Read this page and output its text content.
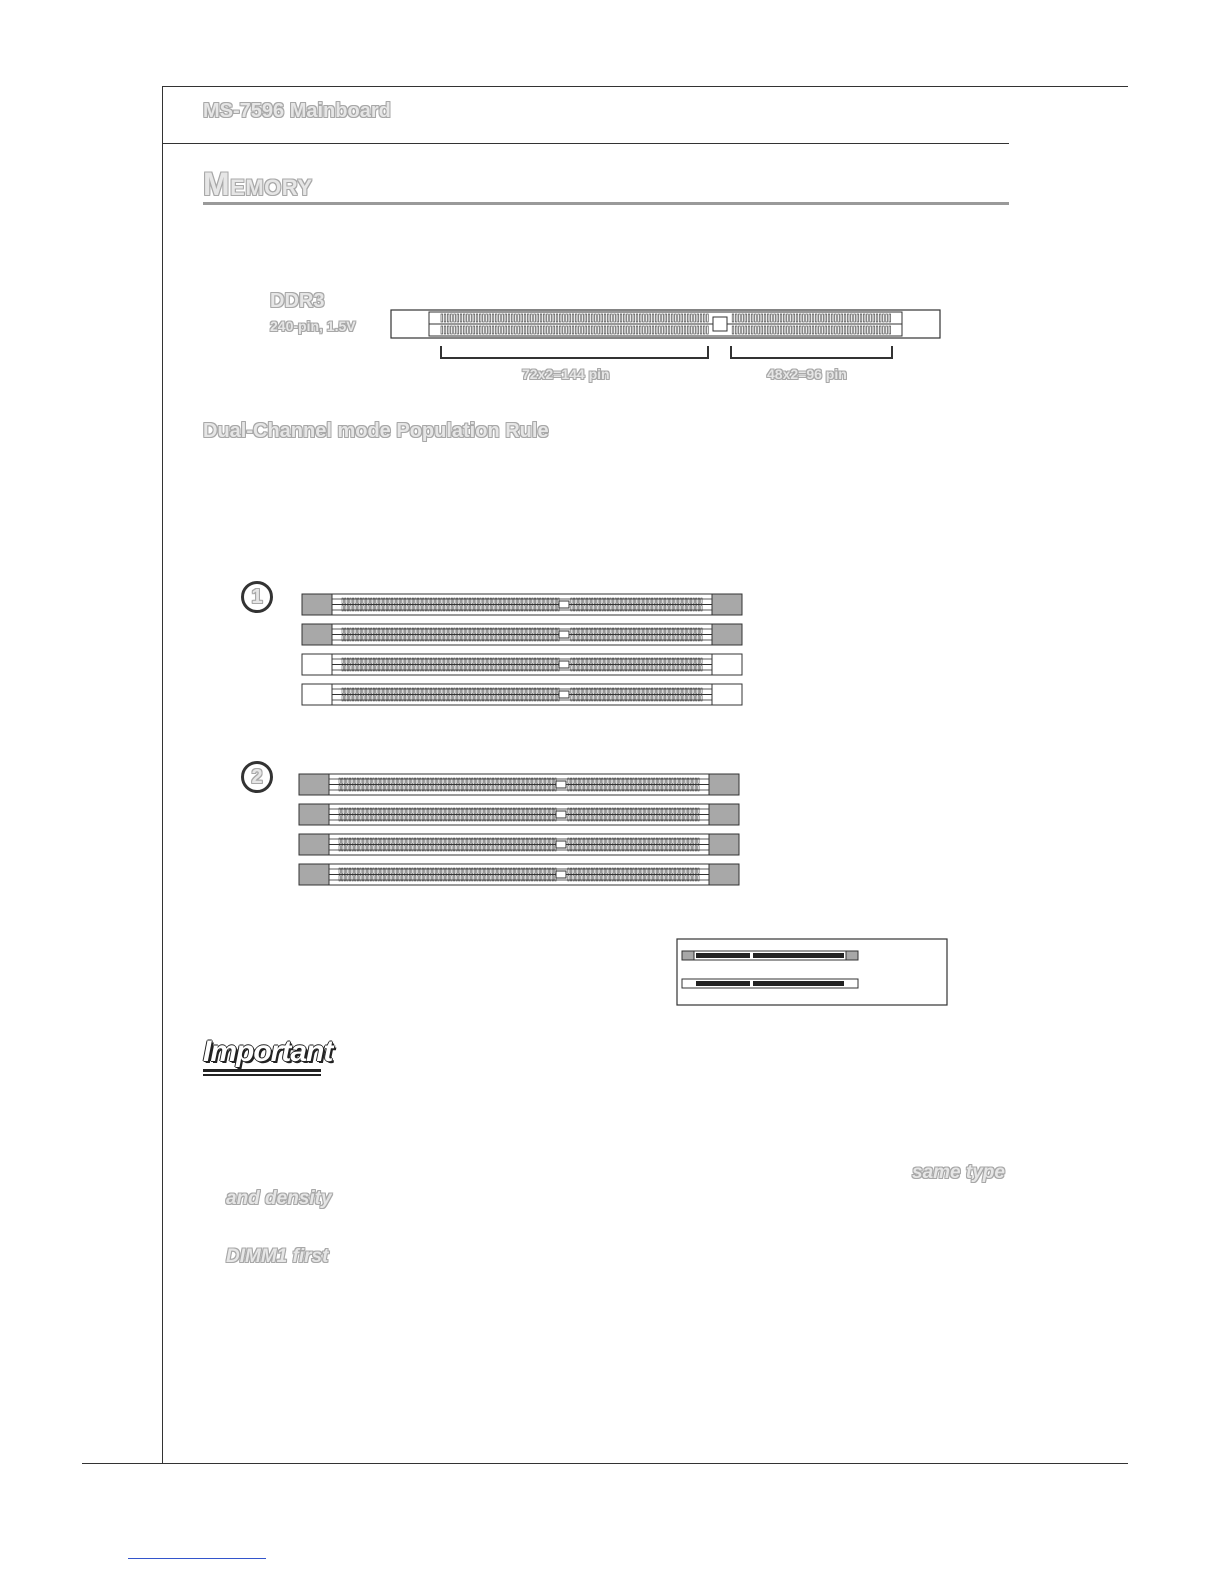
MS-7596 Mainboard
MEMORY
DDR3
240-pin, 1.5V
72x2=144 pin	48x2=96 pin
Dual-Channel mode Population Rule
1
2
Important
same type
and density
DIMM1 first
